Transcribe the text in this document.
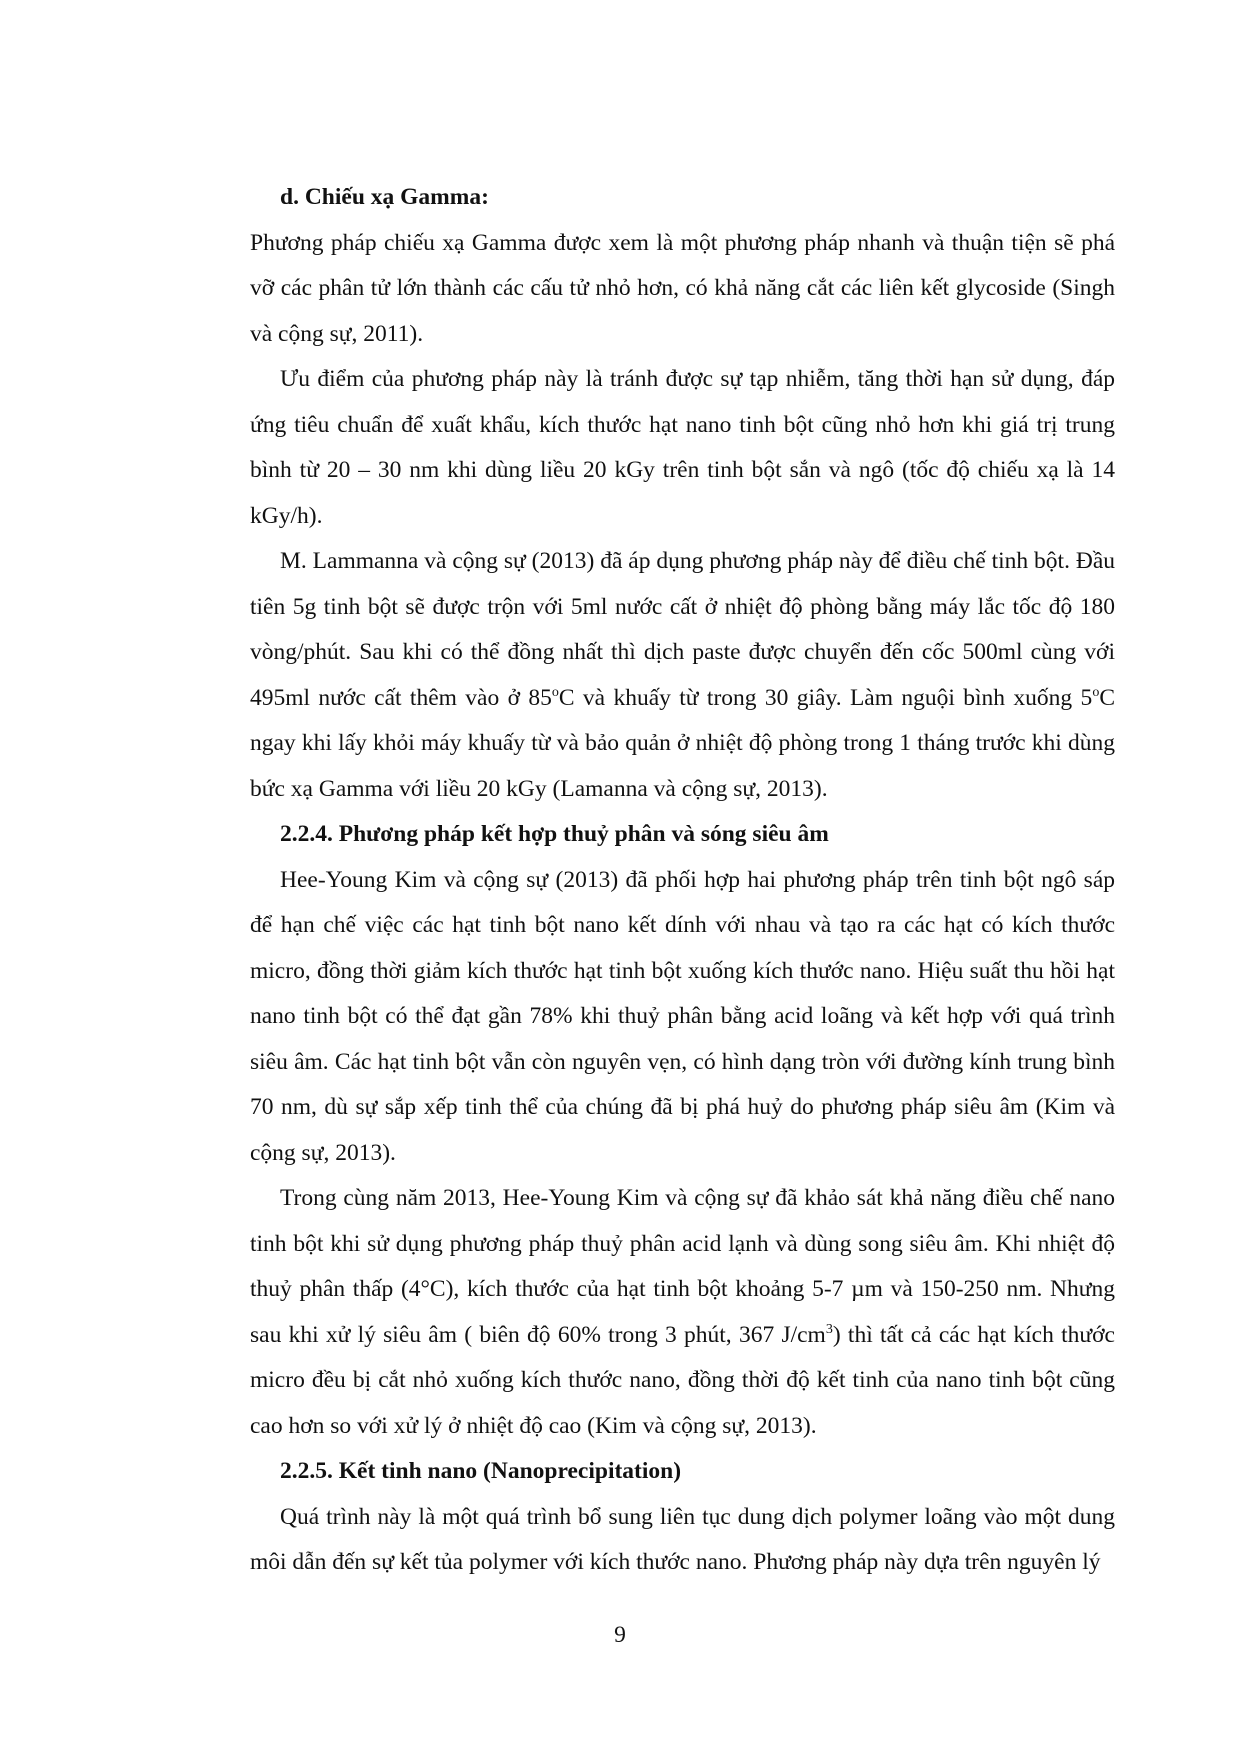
d. Chiếu xạ Gamma:

Phương pháp chiếu xạ Gamma được xem là một phương pháp nhanh và thuận tiện sẽ phá vỡ các phân tử lớn thành các cấu tử nhỏ hơn, có khả năng cắt các liên kết glycoside (Singh và cộng sự, 2011).

Ưu điểm của phương pháp này là tránh được sự tạp nhiễm, tăng thời hạn sử dụng, đáp ứng tiêu chuẩn để xuất khẩu, kích thước hạt nano tinh bột cũng nhỏ hơn khi giá trị trung bình từ 20 – 30 nm khi dùng liều 20 kGy trên tinh bột sắn và ngô (tốc độ chiếu xạ là 14 kGy/h).

M. Lammanna và cộng sự (2013) đã áp dụng phương pháp này để điều chế tinh bột. Đầu tiên 5g tinh bột sẽ được trộn với 5ml nước cất ở nhiệt độ phòng bằng máy lắc tốc độ 180 vòng/phút. Sau khi có thể đồng nhất thì dịch paste được chuyển đến cốc 500ml cùng với 495ml nước cất thêm vào ở 85$^o$C và khuấy từ trong 30 giây. Làm nguội bình xuống 5$^o$C ngay khi lấy khỏi máy khuấy từ và bảo quản ở nhiệt độ phòng trong 1 tháng trước khi dùng bức xạ Gamma với liều 20 kGy (Lamanna và cộng sự, 2013).

2.2.4. Phương pháp kết hợp thuỷ phân và sóng siêu âm

Hee-Young Kim và cộng sự (2013) đã phối hợp hai phương pháp trên tinh bột ngô sáp để hạn chế việc các hạt tinh bột nano kết dính với nhau và tạo ra các hạt có kích thước micro, đồng thời giảm kích thước hạt tinh bột xuống kích thước nano. Hiệu suất thu hồi hạt nano tinh bột có thể đạt gần 78% khi thuỷ phân bằng acid loãng và kết hợp với quá trình siêu âm. Các hạt tinh bột vẫn còn nguyên vẹn, có hình dạng tròn với đường kính trung bình 70 nm, dù sự sắp xếp tinh thể của chúng đã bị phá huỷ do phương pháp siêu âm (Kim và cộng sự, 2013).

Trong cùng năm 2013, Hee-Young Kim và cộng sự đã khảo sát khả năng điều chế nano tinh bột khi sử dụng phương pháp thuỷ phân acid lạnh và dùng song siêu âm. Khi nhiệt độ thuỷ phân thấp (4°C), kích thước của hạt tinh bột khoảng 5-7 µm và 150-250 nm. Nhưng sau khi xử lý siêu âm ( biên độ 60% trong 3 phút, 367 $J/cm^3$) thì tất cả các hạt kích thước micro đều bị cắt nhỏ xuống kích thước nano, đồng thời độ kết tinh của nano tinh bột cũng cao hơn so với xử lý ở nhiệt độ cao (Kim và cộng sự, 2013).

2.2.5. Kết tinh nano (Nanoprecipitation)

Quá trình này là một quá trình bổ sung liên tục dung dịch polymer loãng vào một dung môi dẫn đến sự kết tủa polymer với kích thước nano. Phương pháp này dựa trên nguyên lý

9
